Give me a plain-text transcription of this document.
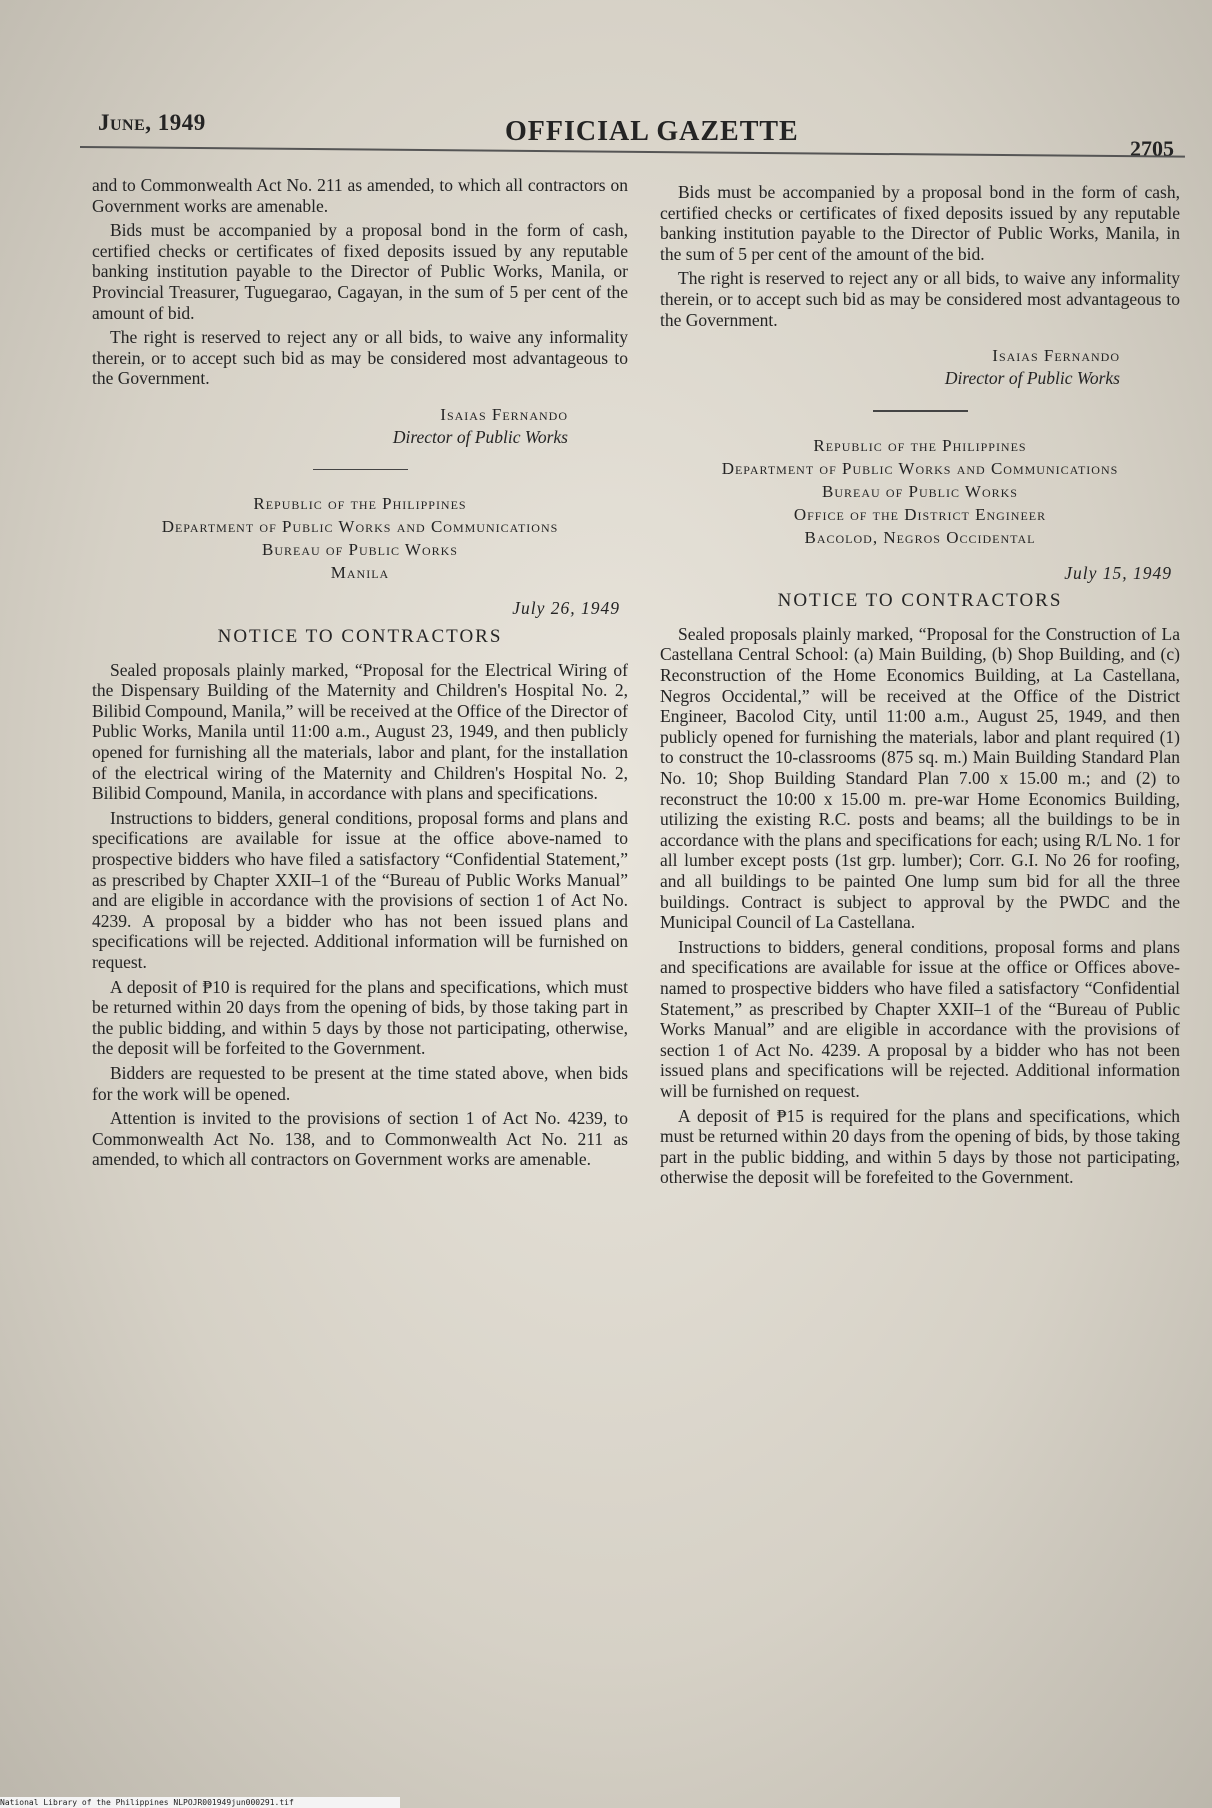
June, 1949	OFFICIAL GAZETTE
2705

and to Commonwealth Act No. 211 as amended, to which all contractors on Government works are amenable.

Bids must be accompanied by a proposal bond in the form of cash, certified checks or certificates of fixed deposits issued by any reputable banking institution payable to the Director of Public Works, Manila, or Provincial Treasurer, Tuguegarao, Cagayan, in the sum of 5 per cent of the amount of bid.

The right is reserved to reject any or all bids, to waive any informality therein, or to accept such bid as may be considered most advantageous to the Government.

Isaias Fernando
Director of Public Works
Republic of the Philippines
Department of Public Works and Communications
Bureau of Public Works
Manila
July 26, 1949
NOTICE TO CONTRACTORS

Sealed proposals plainly marked, “Proposal for the Electrical Wiring of the Dispensary Building of the Maternity and Children's Hospital No. 2, Bilibid Compound, Manila,” will be received at the Office of the Director of Public Works, Manila until 11:00 a.m., August 23, 1949, and then publicly opened for furnishing all the materials, labor and plant, for the installation of the electrical wiring of the Maternity and Children's Hospital No. 2, Bilibid Compound, Manila, in accordance with plans and specifications.

Instructions to bidders, general conditions, proposal forms and plans and specifications are available for issue at the office above-named to prospective bidders who have filed a satisfactory “Confidential Statement,” as prescribed by Chapter XXII–1 of the “Bureau of Public Works Manual” and are eligible in accordance with the provisions of section 1 of Act No. 4239. A proposal by a bidder who has not been issued plans and specifications will be rejected. Additional information will be furnished on request.

A deposit of ₱10 is required for the plans and specifications, which must be returned within 20 days from the opening of bids, by those taking part in the public bidding, and within 5 days by those not participating, otherwise, the deposit will be forfeited to the Government.

Bidders are requested to be present at the time stated above, when bids for the work will be opened.

Attention is invited to the provisions of section 1 of Act No. 4239, to Commonwealth Act No. 138, and to Commonwealth Act No. 211 as amended, to which all contractors on Government works are amenable.

Bids must be accompanied by a proposal bond in the form of cash, certified checks or certificates of fixed deposits issued by any reputable banking institution payable to the Director of Public Works, Manila, in the sum of 5 per cent of the amount of the bid.

The right is reserved to reject any or all bids, to waive any informality therein, or to accept such bid as may be considered most advantageous to the Government.

Isaias Fernando
Director of Public Works
Republic of the Philippines
Department of Public Works and Communications
Bureau of Public Works
Office of the District Engineer
Bacolod, Negros Occidental
July 15, 1949
NOTICE TO CONTRACTORS

Sealed proposals plainly marked, “Proposal for the Construction of La Castellana Central School: (a) Main Building, (b) Shop Building, and (c) Reconstruction of the Home Economics Building, at La Castellana, Negros Occidental,” will be received at the Office of the District Engineer, Bacolod City, until 11:00 a.m., August 25, 1949, and then publicly opened for furnishing the materials, labor and plant required (1) to construct the 10-classrooms (875 sq. m.) Main Building Standard Plan No. 10; Shop Building Standard Plan 7.00 x 15.00 m.; and (2) to reconstruct the 10:00 x 15.00 m. pre-war Home Economics Building, utilizing the existing R.C. posts and beams; all the buildings to be in accordance with the plans and specifications for each; using R/L No. 1 for all lumber except posts (1st grp. lumber); Corr. G.I. No 26 for roofing, and all buildings to be painted One lump sum bid for all the three buildings. Contract is subject to approval by the PWDC and the Municipal Council of La Castellana.

Instructions to bidders, general conditions, proposal forms and plans and specifications are available for issue at the office or Offices above-named to prospective bidders who have filed a satisfactory “Confidential Statement,” as prescribed by Chapter XXII–1 of the “Bureau of Public Works Manual” and are eligible in accordance with the provisions of section 1 of Act No. 4239. A proposal by a bidder who has not been issued plans and specifications will be rejected. Additional information will be furnished on request.

A deposit of ₱15 is required for the plans and specifications, which must be returned within 20 days from the opening of bids, by those taking part in the public bidding, and within 5 days by those not participating, otherwise the deposit will be forefeited to the Government.

National Library of the Philippines NLPOJR001949jun000291.tif
